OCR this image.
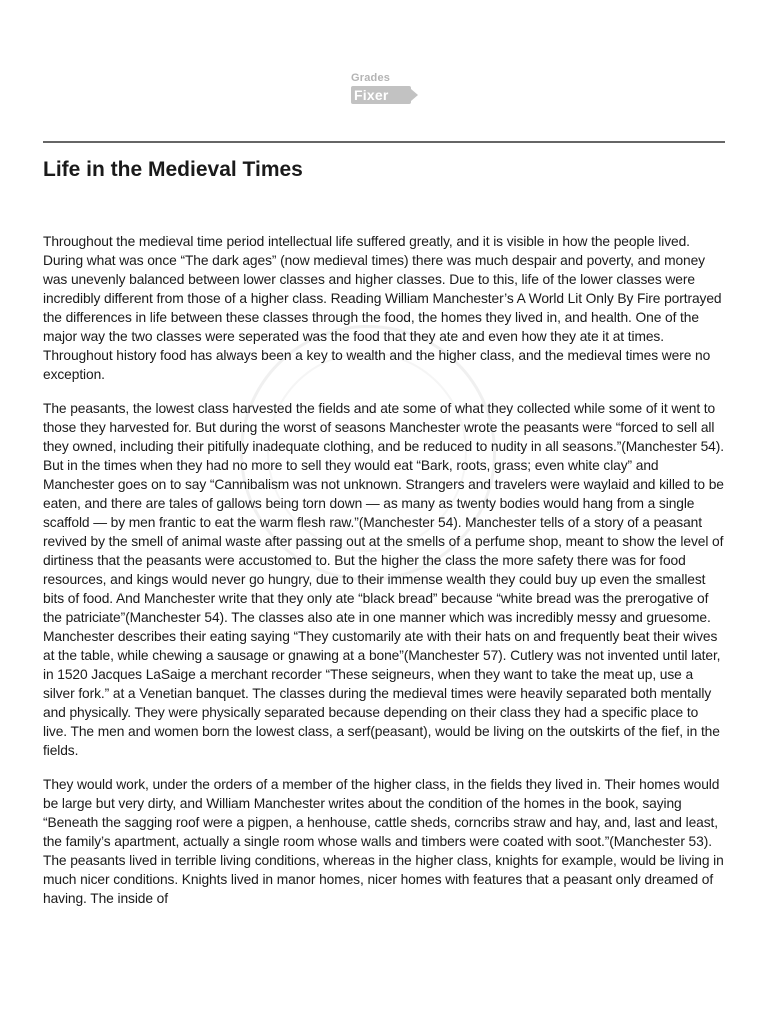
Grades
Fixer
Life in the Medieval Times

Throughout the medieval time period intellectual life suffered greatly, and it is visible in how the people lived. During what was once “The dark ages” (now medieval times) there was much despair and poverty, and money was unevenly balanced between lower classes and higher classes. Due to this, life of the lower classes were incredibly different from those of a higher class. Reading William Manchester’s A World Lit Only By Fire portrayed the differences in life between these classes through the food, the homes they lived in, and health. One of the major way the two classes were seperated was the food that they ate and even how they ate it at times. Throughout history food has always been a key to wealth and the higher class, and the medieval times were no exception.

The peasants, the lowest class harvested the fields and ate some of what they collected while some of it went to those they harvested for. But during the worst of seasons Manchester wrote the peasants were “forced to sell all they owned, including their pitifully inadequate clothing, and be reduced to nudity in all seasons.”(Manchester 54). But in the times when they had no more to sell they would eat “Bark, roots, grass; even white clay” and Manchester goes on to say “Cannibalism was not unknown. Strangers and travelers were waylaid and killed to be eaten, and there are tales of gallows being torn down — as many as twenty bodies would hang from a single scaffold — by men frantic to eat the warm flesh raw.”(Manchester 54). Manchester tells of a story of a peasant revived by the smell of animal waste after passing out at the smells of a perfume shop, meant to show the level of dirtiness that the peasants were accustomed to. But the higher the class the more safety there was for food resources, and kings would never go hungry, due to their immense wealth they could buy up even the smallest bits of food. And Manchester write that they only ate “black bread” because “white bread was the prerogative of the patriciate”(Manchester 54). The classes also ate in one manner which was incredibly messy and gruesome. Manchester describes their eating saying “They customarily ate with their hats on and frequently beat their wives at the table, while chewing a sausage or gnawing at a bone”(Manchester 57). Cutlery was not invented until later, in 1520 Jacques LaSaige a merchant recorder “These seigneurs, when they want to take the meat up, use a silver fork.” at a Venetian banquet. The classes during the medieval times were heavily separated both mentally and physically. They were physically separated because depending on their class they had a specific place to live. The men and women born the lowest class, a serf(peasant), would be living on the outskirts of the fief, in the fields.

They would work, under the orders of a member of the higher class, in the fields they lived in. Their homes would be large but very dirty, and William Manchester writes about the condition of the homes in the book, saying “Beneath the sagging roof were a pigpen, a henhouse, cattle sheds, corncribs straw and hay, and, last and least, the family’s apartment, actually a single room whose walls and timbers were coated with soot.”(Manchester 53). The peasants lived in terrible living conditions, whereas in the higher class, knights for example, would be living in much nicer conditions. Knights lived in manor homes, nicer homes with features that a peasant only dreamed of having. The inside of
